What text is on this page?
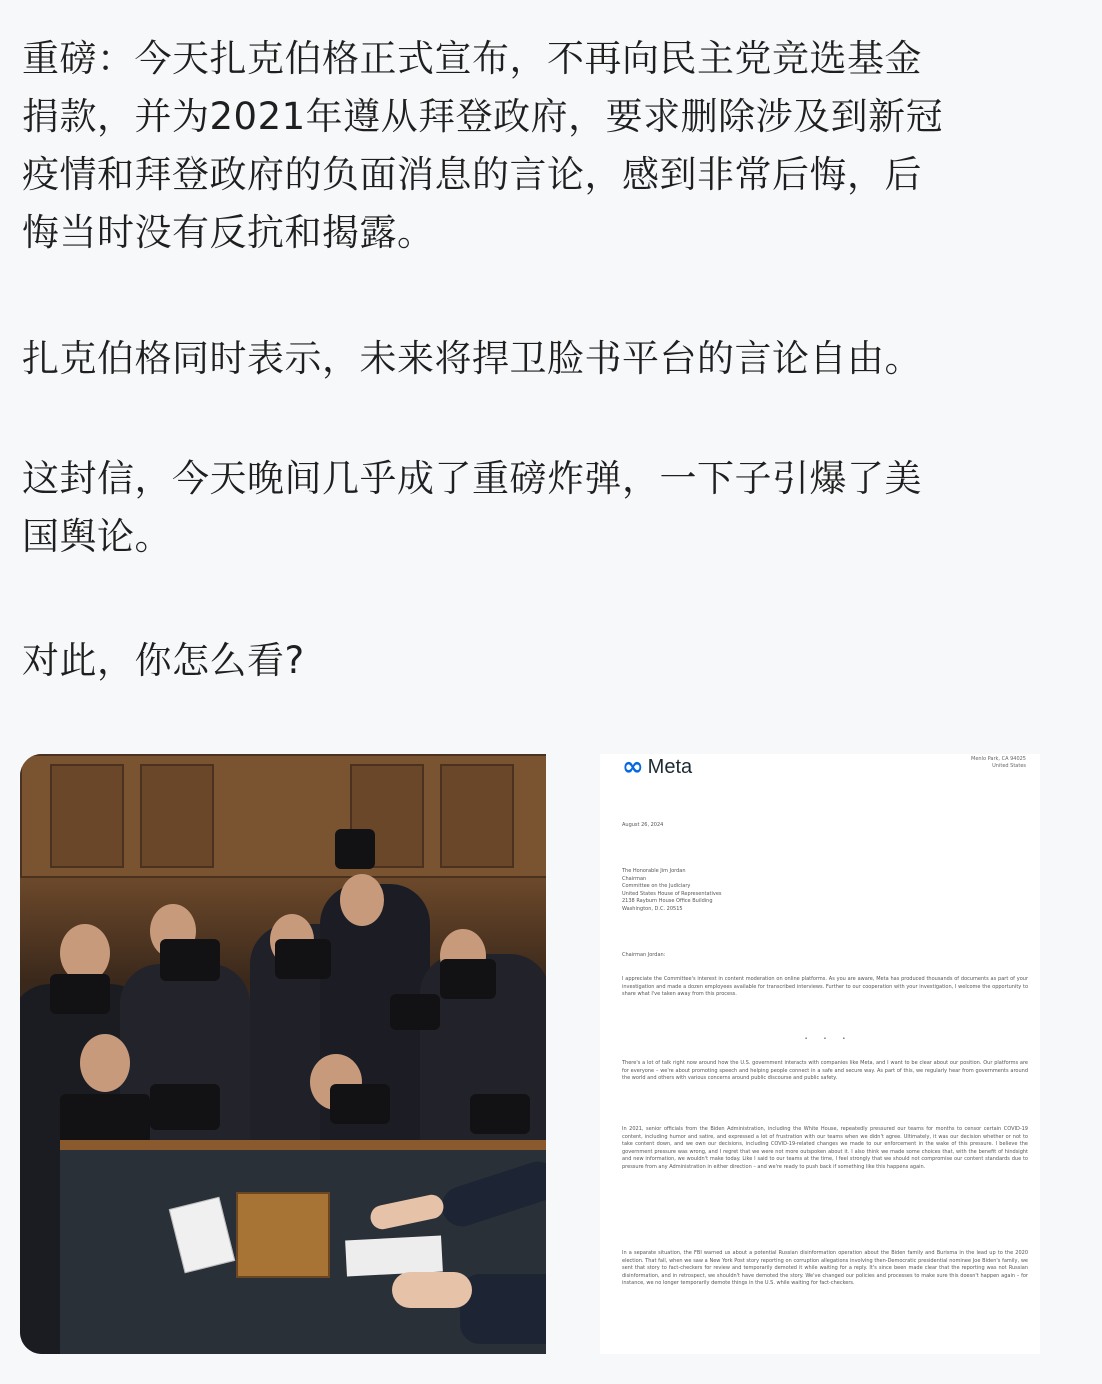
重磅：今天扎克伯格正式宣布，不再向民主党竞选基金
捐款，并为2021年遵从拜登政府，要求删除涉及到新冠
疫情和拜登政府的负面消息的言论，感到非常后悔，后
悔当时没有反抗和揭露。
扎克伯格同时表示，未来将捍卫脸书平台的言论自由。
这封信，今天晚间几乎成了重磅炸弹，一下子引爆了美
国舆论。
对此，你怎么看?
∞ Meta	Menlo Park, CA 94025
United States
August 26, 2024
The Honorable Jim Jordan
Chairman
Committee on the Judiciary
United States House of Representatives
2138 Rayburn House Office Building
Washington, D.C. 20515
Chairman Jordan:
I appreciate the Committee's interest in content moderation on online platforms. As you are aware, Meta has produced thousands of documents as part of your investigation and made a dozen employees available for transcribed interviews. Further to our cooperation with your investigation, I welcome the opportunity to share what I've taken away from this process.
•          •          •
There's a lot of talk right now around how the U.S. government interacts with companies like Meta, and I want to be clear about our position. Our platforms are for everyone – we're about promoting speech and helping people connect in a safe and secure way. As part of this, we regularly hear from governments around the world and others with various concerns around public discourse and public safety.
In 2021, senior officials from the Biden Administration, including the White House, repeatedly pressured our teams for months to censor certain COVID-19 content, including humor and satire, and expressed a lot of frustration with our teams when we didn't agree. Ultimately, it was our decision whether or not to take content down, and we own our decisions, including COVID-19-related changes we made to our enforcement in the wake of this pressure. I believe the government pressure was wrong, and I regret that we were not more outspoken about it. I also think we made some choices that, with the benefit of hindsight and new information, we wouldn't make today. Like I said to our teams at the time, I feel strongly that we should not compromise our content standards due to pressure from any Administration in either direction – and we're ready to push back if something like this happens again.
In a separate situation, the FBI warned us about a potential Russian disinformation operation about the Biden family and Burisma in the lead up to the 2020 election. That fall, when we saw a New York Post story reporting on corruption allegations involving then-Democratic presidential nominee Joe Biden's family, we sent that story to fact-checkers for review and temporarily demoted it while waiting for a reply. It's since been made clear that the reporting was not Russian disinformation, and in retrospect, we shouldn't have demoted the story. We've changed our policies and processes to make sure this doesn't happen again – for instance, we no longer temporarily demote things in the U.S. while waiting for fact-checkers.
